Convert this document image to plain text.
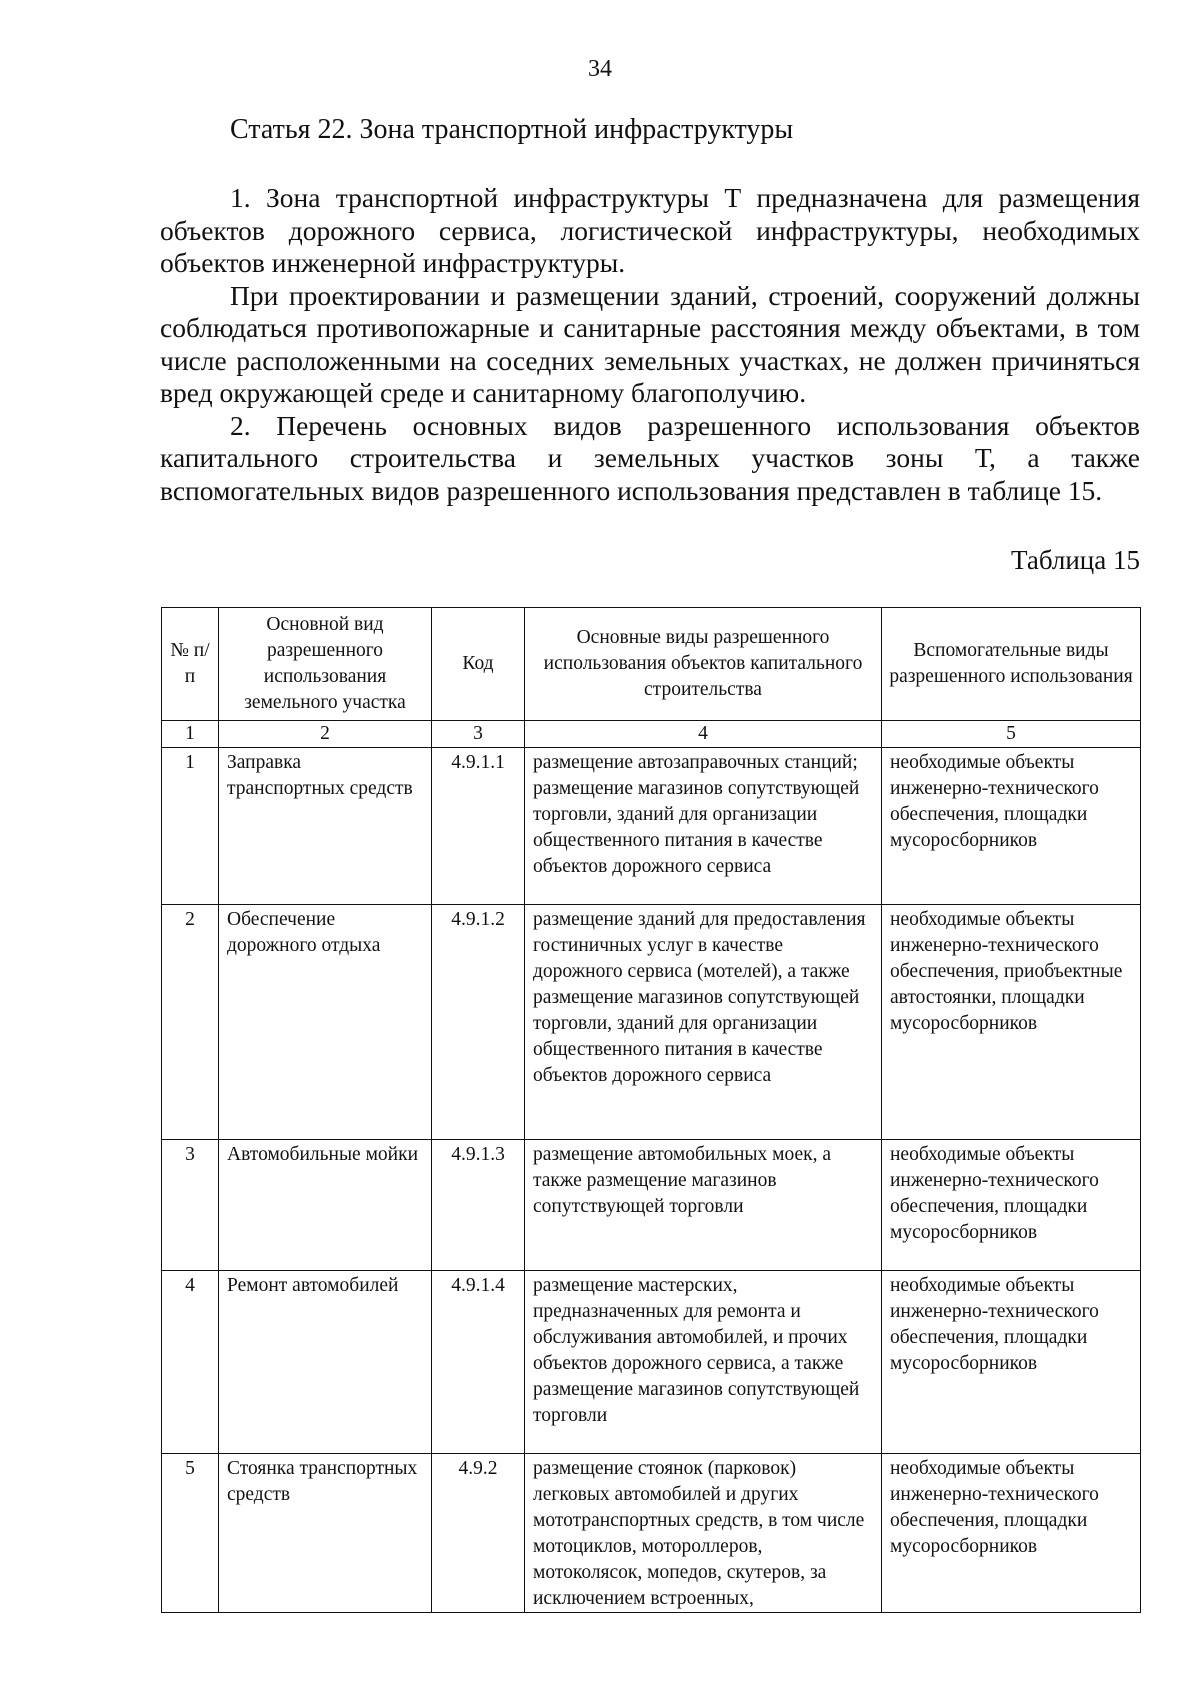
34
Статья 22. Зона транспортной инфраструктуры

1. Зона транспортной инфраструктуры Т предназначена для размещения объектов дорожного сервиса, логистической инфраструктуры, необходимых объектов инженерной инфраструктуры.

При проектировании и размещении зданий, строений, сооружений должны соблюдаться противопожарные и санитарные расстояния между объектами, в том числе расположенными на соседних земельных участках, не должен причиняться вред окружающей среде и санитарному благополучию.

2. Перечень основных видов разрешенного использования объектов капитального строительства и земельных участков зоны Т, а также вспомогательных видов разрешенного использования представлен в таблице 15.

Таблица 15
№ п/п	Основной вид разрешенного использования земельного участка	Код	Основные виды разрешенного использования объектов капитального строительства	Вспомогательные виды разрешенного использования
1	2	3	4	5
1	Заправка транспортных средств	4.9.1.1	размещение автозаправочных станций; размещение магазинов сопутствующей торговли, зданий для организации общественного питания в качестве объектов дорожного сервиса	необходимые объекты инженерно-технического обеспечения, площадки мусоросборников
2	Обеспечение дорожного отдыха	4.9.1.2	размещение зданий для предоставления гостиничных услуг в качестве дорожного сервиса (мотелей), а также размещение магазинов сопутствующей торговли, зданий для организации общественного питания в качестве объектов дорожного сервиса	необходимые объекты инженерно-технического обеспечения, приобъектные автостоянки, площадки мусоросборников
3	Автомобильные мойки	4.9.1.3	размещение автомобильных моек, а также размещение магазинов сопутствующей торговли	необходимые объекты инженерно-технического обеспечения, площадки мусоросборников
4	Ремонт автомобилей	4.9.1.4	размещение мастерских, предназначенных для ремонта и обслуживания автомобилей, и прочих объектов дорожного сервиса, а также размещение магазинов сопутствующей торговли	необходимые объекты инженерно-технического обеспечения, площадки мусоросборников
5	Стоянка транспортных средств	4.9.2	размещение стоянок (парковок) легковых автомобилей и других мототранспортных средств, в том числе мотоциклов, мотороллеров, мотоколясок, мопедов, скутеров, за исключением встроенных,	необходимые объекты инженерно-технического обеспечения, площадки мусоросборников
